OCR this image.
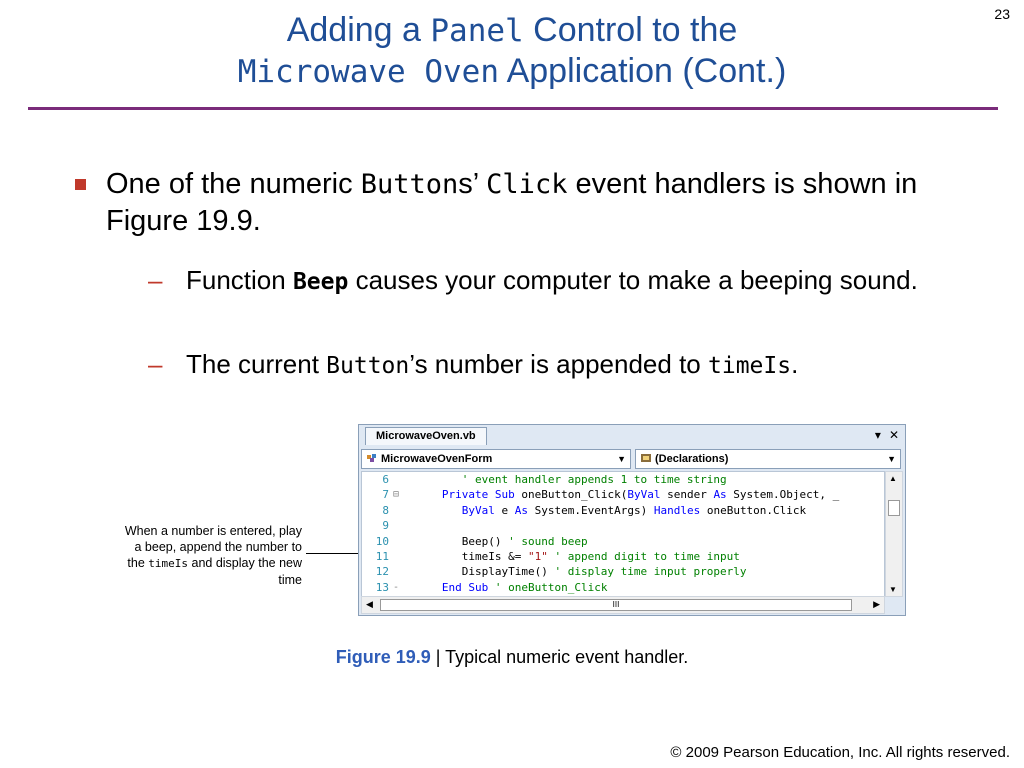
23
Adding a Panel Control to the
Microwave Oven Application (Cont.)
One of the numeric Buttons’ Click event handlers is shown in Figure 19.9.
– Function Beep causes your computer to make a beeping sound.
– The current Button’s number is appended to timeIs.
When a number is entered, play a beep, append the number to the timeIs and display the new time
MicrowaveOven.vb	▾ ✕
MicrowaveOvenForm	▼	(Declarations)	▼
6	' event handler appends 1 to time string
7 ⊟	Private Sub oneButton_Click(ByVal sender As System.Object, _
8	ByVal e As System.EventArgs) Handles oneButton.Click
9
10	Beep() ' sound beep
11	timeIs &= "1" ' append digit to time input
12	DisplayTime() ' display time input properly
13 -	End Sub ' oneButton_Click
▲
▼
◀	III	▶
Figure 19.9 | Typical numeric event handler.
© 2009 Pearson Education, Inc. All rights reserved.
